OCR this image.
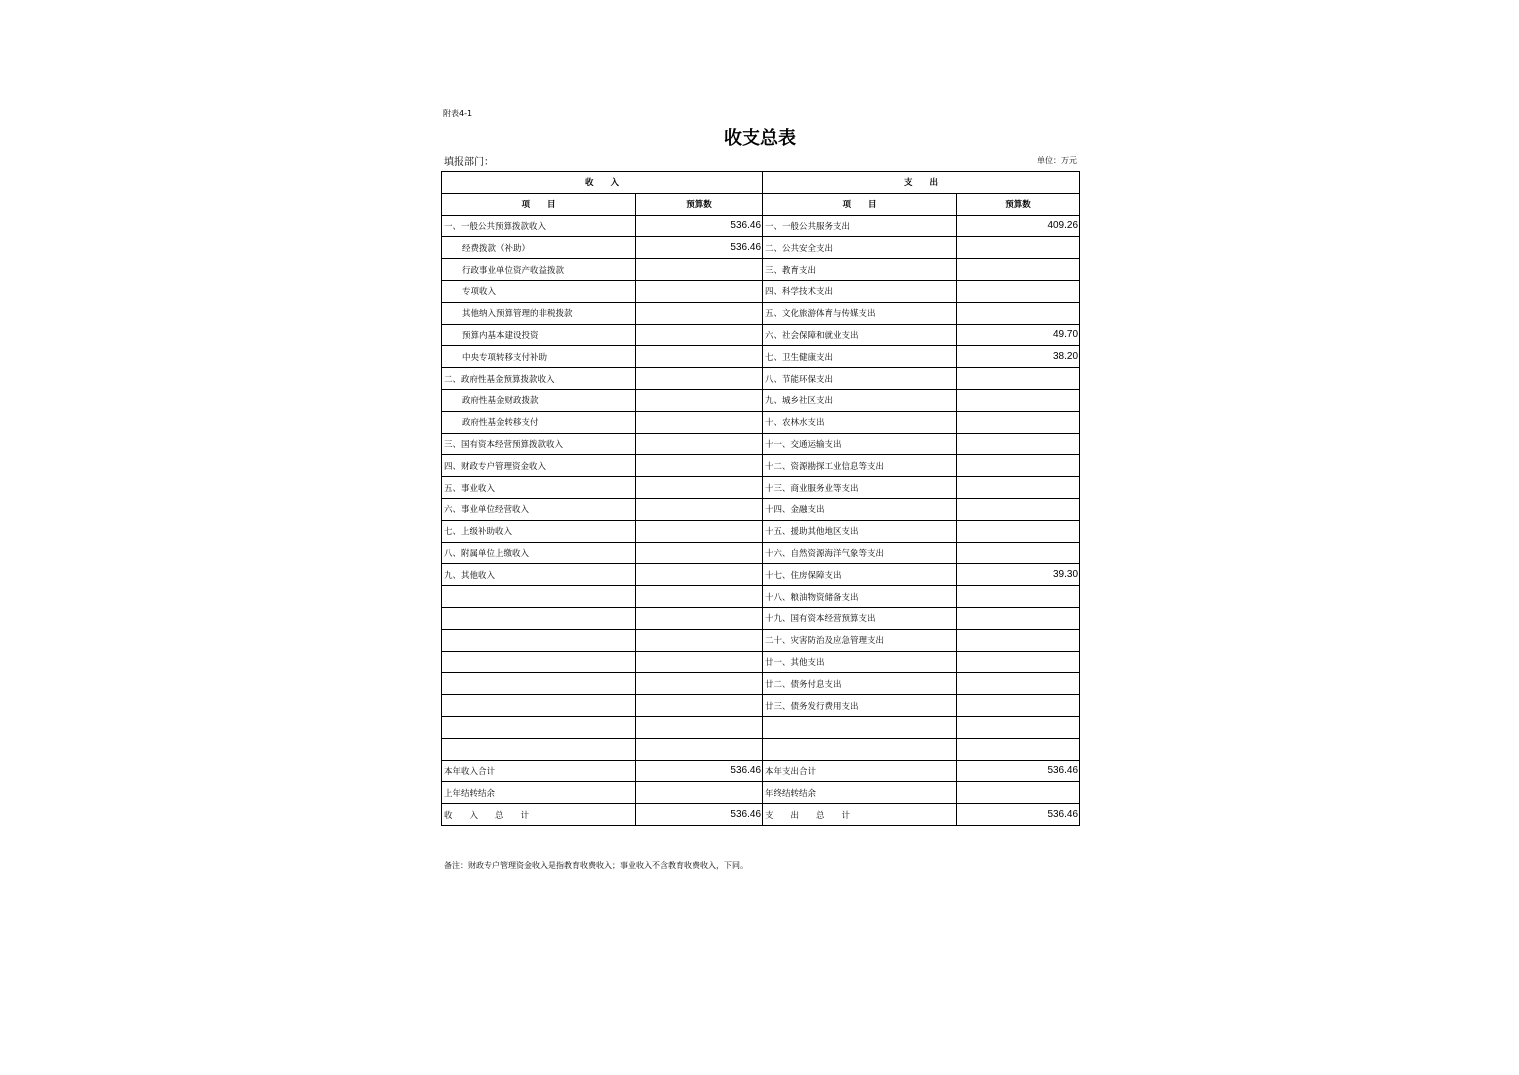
附表4-1
收支总表
填报部门：	单位：万元
收　　入		支　　出	
项　　目	预算数	项　　目	预算数
一、一般公共预算拨款收入	536.46	一、一般公共服务支出	409.26
经费拨款（补助）	536.46	二、公共安全支出	
行政事业单位资产收益拨款		三、教育支出	
专项收入		四、科学技术支出	
其他纳入预算管理的非税拨款		五、文化旅游体育与传媒支出	
预算内基本建设投资		六、社会保障和就业支出	49.70
中央专项转移支付补助		七、卫生健康支出	38.20
二、政府性基金预算拨款收入		八、节能环保支出	
政府性基金财政拨款		九、城乡社区支出	
政府性基金转移支付		十、农林水支出	
三、国有资本经营预算拨款收入		十一、交通运输支出	
四、财政专户管理资金收入		十二、资源勘探工业信息等支出	
五、事业收入		十三、商业服务业等支出	
六、事业单位经营收入		十四、金融支出	
七、上级补助收入		十五、援助其他地区支出	
八、附属单位上缴收入		十六、自然资源海洋气象等支出	
九、其他收入		十七、住房保障支出	39.30
		十八、粮油物资储备支出	
		十九、国有资本经营预算支出	
		二十、灾害防治及应急管理支出	
		廿一、其他支出	
		廿二、债务付息支出	
		廿三、债务发行费用支出	

本年收入合计	536.46	本年支出合计	536.46
上年结转结余		年终结转结余	
收　　入　　总　　计	536.46	支　　出　　总　　计	536.46
备注：财政专户管理资金收入是指教育收费收入；事业收入不含教育收费收入，下同。
